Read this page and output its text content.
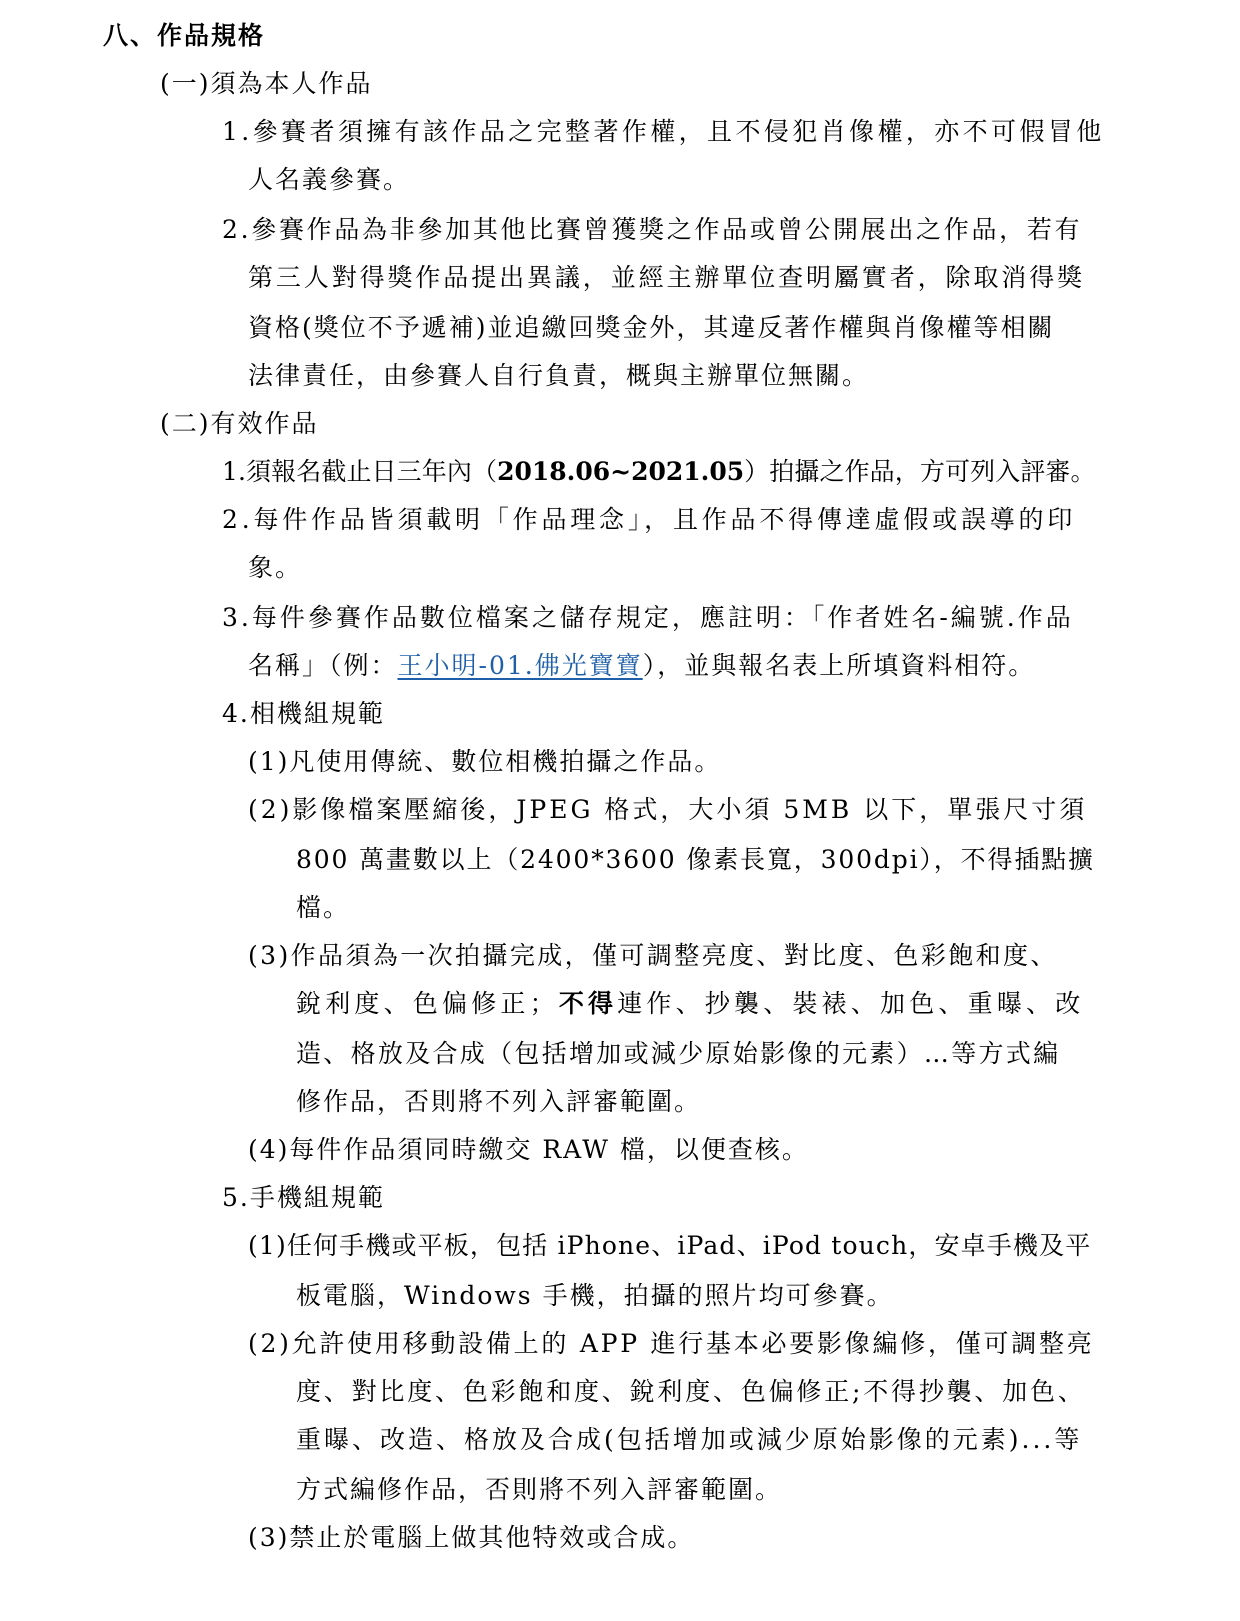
八、作品規格
(一)須為本人作品
1.參賽者須擁有該作品之完整著作權，且不侵犯肖像權，亦不可假冒他
人名義參賽。
2.參賽作品為非參加其他比賽曾獲獎之作品或曾公開展出之作品，若有
第三人對得獎作品提出異議，並經主辦單位查明屬實者，除取消得獎
資格(獎位不予遞補)並追繳回獎金外，其違反著作權與肖像權等相關
法律責任，由參賽人自行負責，概與主辦單位無關。
(二)有效作品
1.須報名截止日三年內（2018.06~2021.05）拍攝之作品，方可列入評審。
2.每件作品皆須載明「作品理念」，且作品不得傳達虛假或誤導的印
象。
3.每件參賽作品數位檔案之儲存規定，應註明：「作者姓名-編號.作品
名稱」（例：王小明-01.佛光寶寶），並與報名表上所填資料相符。
4.相機組規範
(1)凡使用傳統、數位相機拍攝之作品。
(2)影像檔案壓縮後，JPEG 格式，大小須 5MB 以下，單張尺寸須
800 萬畫數以上（2400*3600 像素長寬，300dpi），不得插點擴
檔。
(3)作品須為一次拍攝完成，僅可調整亮度、對比度、色彩飽和度、
銳利度、色偏修正；不得連作、抄襲、裝裱、加色、重曝、改
造、格放及合成（包括增加或減少原始影像的元素）…等方式編
修作品，否則將不列入評審範圍。
(4)每件作品須同時繳交 RAW 檔，以便查核。
5.手機組規範
(1)任何手機或平板，包括 iPhone、iPad、iPod touch，安卓手機及平
板電腦，Windows 手機，拍攝的照片均可參賽。
(2)允許使用移動設備上的 APP 進行基本必要影像編修，僅可調整亮
度、對比度、色彩飽和度、銳利度、色偏修正;不得抄襲、加色、
重曝、改造、格放及合成(包括增加或減少原始影像的元素)...等
方式編修作品，否則將不列入評審範圍。
(3)禁止於電腦上做其他特效或合成。
